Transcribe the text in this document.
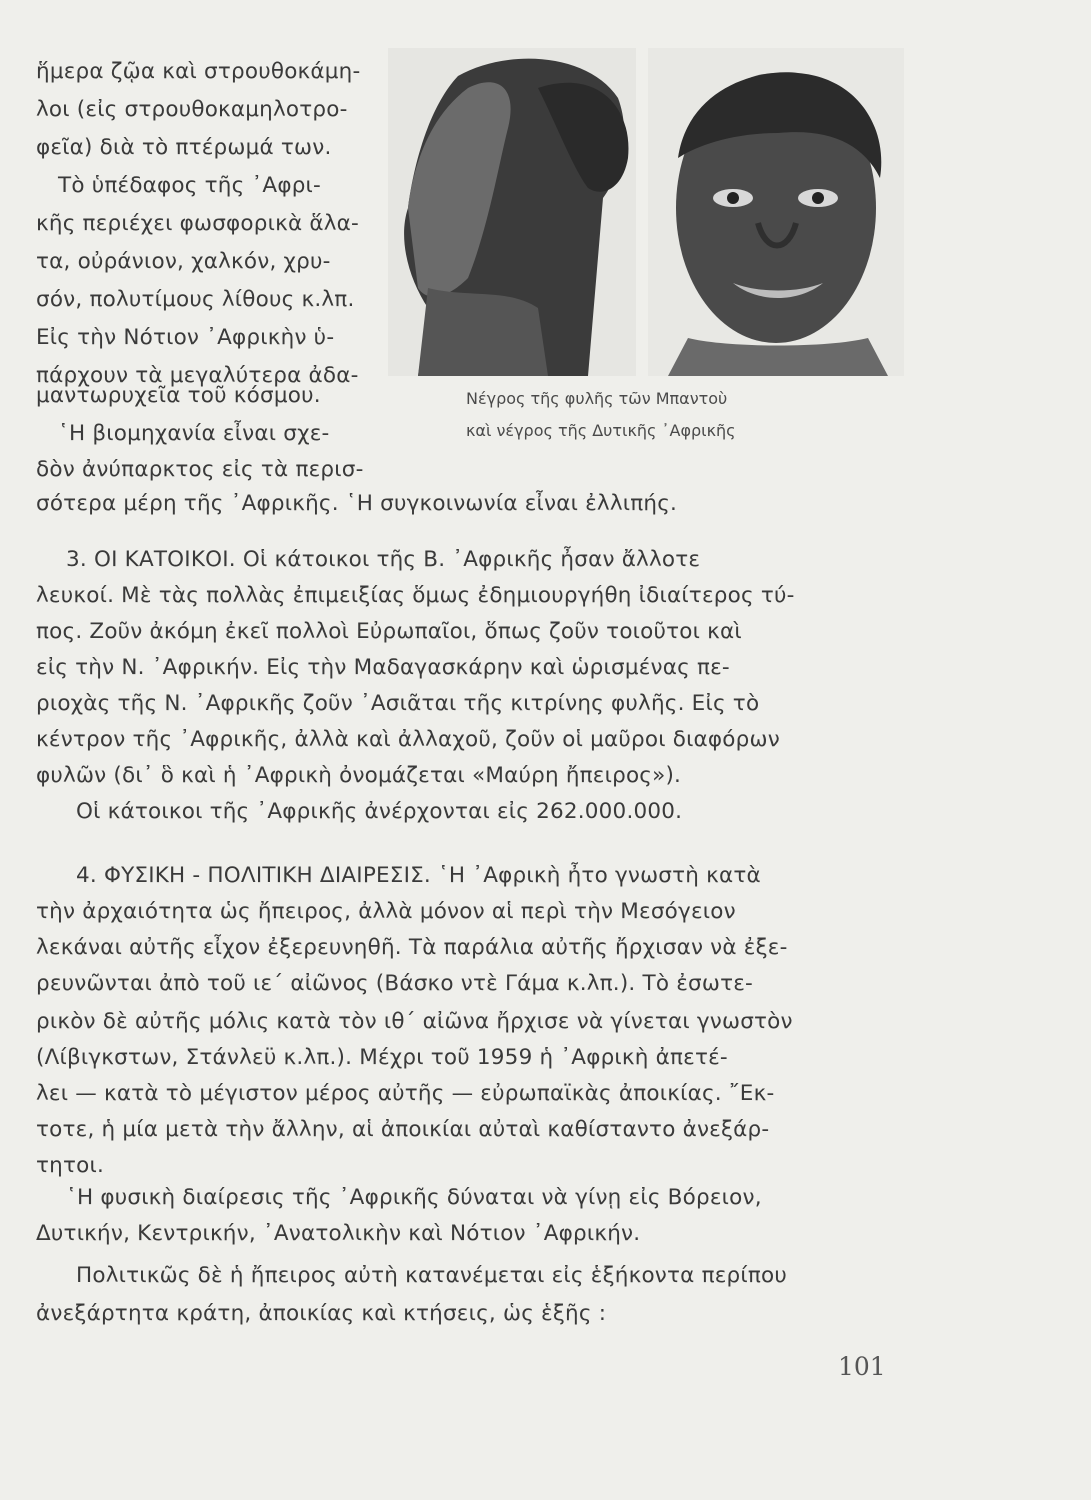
Νέγρος τῆς φυλῆς τῶν Μπαντοὺ
καὶ νέγρος τῆς Δυτικῆς ᾿Αφρικῆς
ἥμερα ζῷα καὶ στρουθοκάμη-
λοι (εἰς στρουθοκαμηλοτρο-
φεῖα) διὰ τὸ πτέρωμά των.
Τὸ ὑπέδαφος τῆς ᾿Αφρι-
κῆς περιέχει φωσφορικὰ ἅλα-
τα, οὐράνιον, χαλκόν, χρυ-
σόν, πολυτίμους λίθους κ.λπ.
Εἰς τὴν Νότιον ᾿Αφρικὴν ὑ-
πάρχουν τὰ μεγαλύτερα ἀδα-
μαντωρυχεῖα τοῦ κόσμου.
῾Η βιομηχανία εἶναι σχε-
δὸν ἀνύπαρκτος εἰς τὰ περισ-
σότερα μέρη τῆς ᾿Αφρικῆς. ῾Η συγκοινωνία εἶναι ἐλλιπής.
3. ΟΙ ΚΑΤΟΙΚΟΙ. Οἱ κάτοικοι τῆς Β. ᾿Αφρικῆς ἦσαν ἄλλοτε
λευκοί. Μὲ τὰς πολλὰς ἐπιμειξίας ὅμως ἐδημιουργήθη ἰδιαίτερος τύ-
πος. Ζοῦν ἀκόμη ἐκεῖ πολλοὶ Εὐρωπαῖοι, ὅπως ζοῦν τοιοῦτοι καὶ
εἰς τὴν Ν. ᾿Αφρικήν. Εἰς τὴν Μαδαγασκάρην καὶ ὡρισμένας πε-
ριοχὰς τῆς Ν. ᾿Αφρικῆς ζοῦν ᾿Ασιᾶται τῆς κιτρίνης φυλῆς. Εἰς τὸ
κέντρον τῆς ᾿Αφρικῆς, ἀλλὰ καὶ ἀλλαχοῦ, ζοῦν οἱ μαῦροι διαφόρων
φυλῶν (δι᾿ ὃ καὶ ἡ ᾿Αφρικὴ ὀνομάζεται «Μαύρη ἤπειρος»).
Οἱ κάτοικοι τῆς ᾿Αφρικῆς ἀνέρχονται εἰς 262.000.000.
4. ΦΥΣΙΚΗ - ΠΟΛΙΤΙΚΗ ΔΙΑΙΡΕΣΙΣ. ῾Η ᾿Αφρικὴ ἦτο γνωστὴ κατὰ
τὴν ἀρχαιότητα ὡς ἤπειρος, ἀλλὰ μόνον αἱ περὶ τὴν Μεσόγειον
λεκάναι αὐτῆς εἶχον ἐξερευνηθῆ. Τὰ παράλια αὐτῆς ἤρχισαν νὰ ἐξε-
ρευνῶνται ἀπὸ τοῦ ιε΄ αἰῶνος (Βάσκο ντὲ Γάμα κ.λπ.). Τὸ ἐσωτε-
ρικὸν δὲ αὐτῆς μόλις κατὰ τὸν ιθ΄ αἰῶνα ἤρχισε νὰ γίνεται γνωστὸν
(Λίβιγκστων, Στάνλεϋ κ.λπ.). Μέχρι τοῦ 1959 ἡ ᾿Αφρικὴ ἀπετέ-
λει — κατὰ τὸ μέγιστον μέρος αὐτῆς — εὐρωπαϊκὰς ἀποικίας. ῎Εκ-
τοτε, ἡ μία μετὰ τὴν ἄλλην, αἱ ἀποικίαι αὐταὶ καθίσταντο ἀνεξάρ-
τητοι.
῾Η φυσικὴ διαίρεσις τῆς ᾿Αφρικῆς δύναται νὰ γίνῃ εἰς Βόρειον,
Δυτικήν, Κεντρικήν, ᾿Ανατολικὴν καὶ Νότιον ᾿Αφρικήν.
Πολιτικῶς δὲ ἡ ἤπειρος αὐτὴ κατανέμεται εἰς ἑξήκοντα περίπου
ἀνεξάρτητα κράτη, ἀποικίας καὶ κτήσεις, ὡς ἑξῆς :
101
